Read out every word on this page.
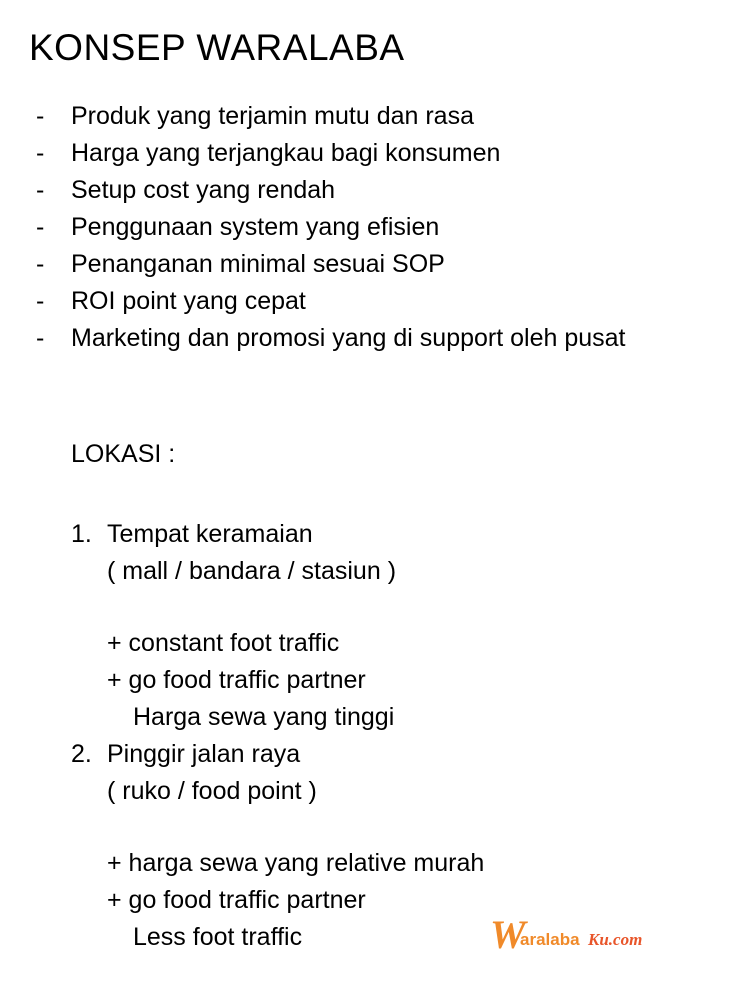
KONSEP WARALABA
-	Produk yang terjamin mutu dan rasa
-	Harga yang terjangkau bagi konsumen
-	Setup cost yang rendah
-	Penggunaan system yang efisien
-	Penanganan minimal sesuai SOP
-	ROI point yang cepat
-	Marketing dan promosi yang di support oleh pusat
LOKASI :
1. Tempat keramaian
( mall / bandara / stasiun )
+ constant foot traffic
+ go food traffic partner
Harga sewa yang tinggi
2. Pinggir jalan raya
( ruko / food point )
+ harga sewa yang relative murah
+ go food traffic partner
Less foot traffic	W
aralaba Ku.com
